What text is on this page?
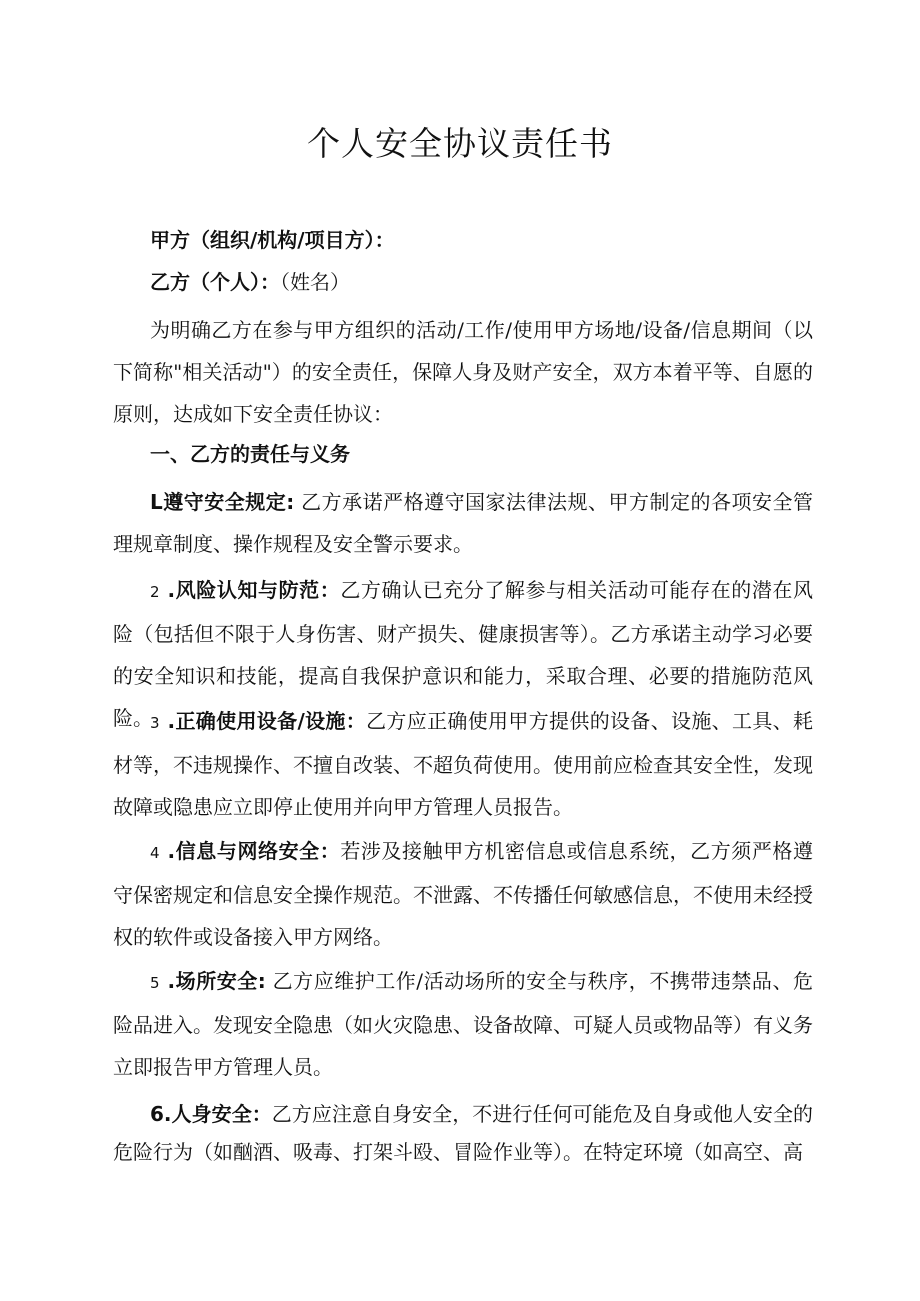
个人安全协议责任书
甲方（组织/机构/项目方）：
乙方（个人）：（姓名）
为明确乙方在参与甲方组织的活动/工作/使用甲方场地/设备/信息期间（以下简称"相关活动"）的安全责任，保障人身及财产安全，双方本着平等、自愿的原则，达成如下安全责任协议：
一、乙方的责任与义务
L遵守安全规定: 乙方承诺严格遵守国家法律法规、甲方制定的各项安全管理规章制度、操作规程及安全警示要求。
2 .风险认知与防范：乙方确认已充分了解参与相关活动可能存在的潜在风险（包括但不限于人身伤害、财产损失、健康损害等）。乙方承诺主动学习必要的安全知识和技能，提高自我保护意识和能力，采取合理、必要的措施防范风险。
3 .正确使用设备/设施：乙方应正确使用甲方提供的设备、设施、工具、耗材等，不违规操作、不擅自改装、不超负荷使用。使用前应检查其安全性，发现故障或隐患应立即停止使用并向甲方管理人员报告。
4 .信息与网络安全：若涉及接触甲方机密信息或信息系统，乙方须严格遵守保密规定和信息安全操作规范。不泄露、不传播任何敏感信息，不使用未经授权的软件或设备接入甲方网络。
5 .场所安全: 乙方应维护工作/活动场所的安全与秩序，不携带违禁品、危险品进入。发现安全隐患（如火灾隐患、设备故障、可疑人员或物品等）有义务立即报告甲方管理人员。
6.人身安全：乙方应注意自身安全，不进行任何可能危及自身或他人安全的危险行为（如酗酒、吸毒、打架斗殴、冒险作业等）。在特定环境（如高空、高
